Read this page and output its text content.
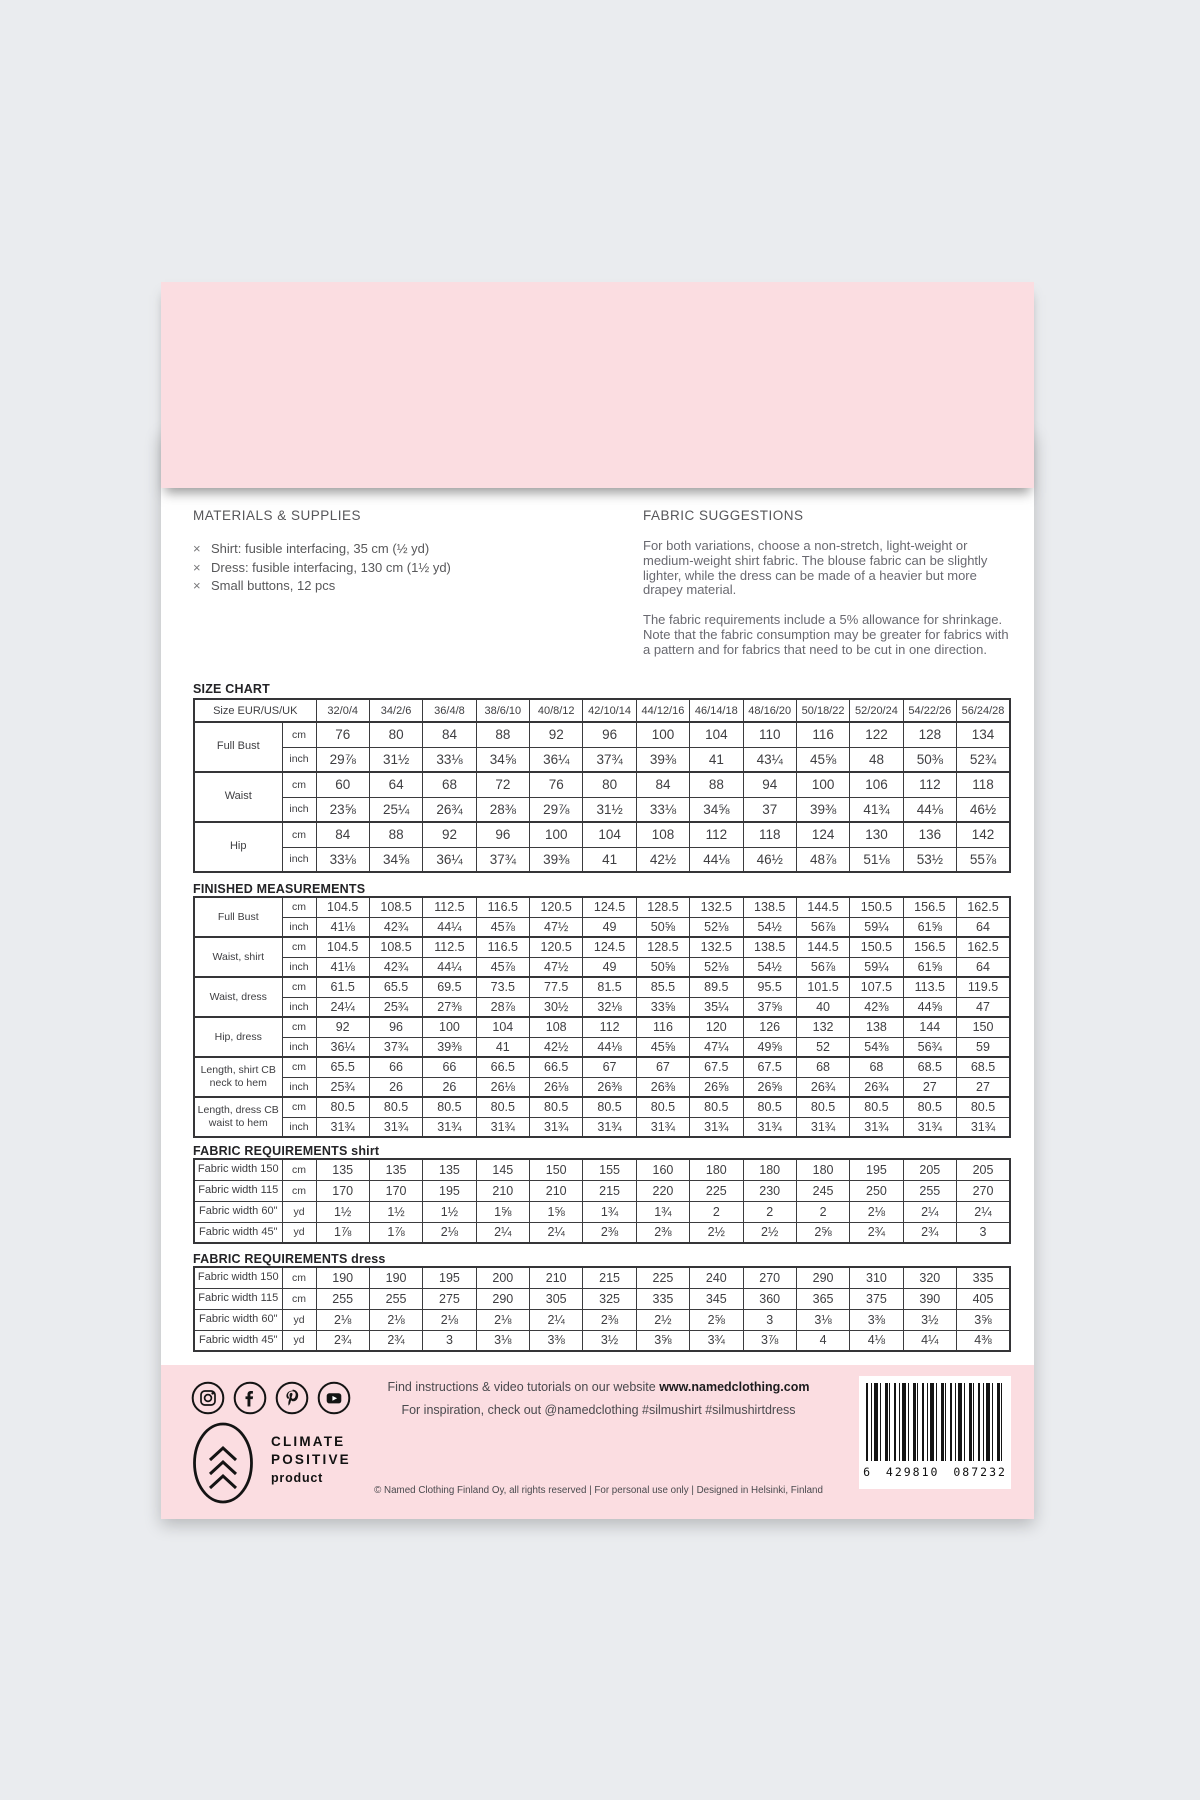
MATERIALS & SUPPLIES
× Shirt: fusible interfacing, 35 cm (½ yd)
× Dress: fusible interfacing, 130 cm (1½ yd)
× Small buttons, 12 pcs
FABRIC SUGGESTIONS

For both variations, choose a non-stretch, light-weight or medium-weight shirt fabric. The blouse fabric can be slightly lighter, while the dress can be made of a heavier but more drapey material.

The fabric requirements include a 5% allowance for shrinkage. Note that the fabric consumption may be greater for fabrics with a pattern and for fabrics that need to be cut in one direction.

SIZE CHART
Size EUR/US/UK		32/0/4	34/2/6	36/4/8	38/6/10	40/8/12	42/10/14	44/12/16	46/14/18	48/16/20	50/18/22	52/20/24	54/22/26	56/24/28
Full Bust	cm	76	80	84	88	92	96	100	104	110	116	122	128	134
	inch	29⅞	31½	33⅛	34⅝	36¼	37¾	39⅜	41	43¼	45⅝	48	50⅜	52¾
Waist	cm	60	64	68	72	76	80	84	88	94	100	106	112	118
	inch	23⅝	25¼	26¾	28⅜	29⅞	31½	33⅛	34⅝	37	39⅜	41¾	44⅛	46½
Hip	cm	84	88	92	96	100	104	108	112	118	124	130	136	142
	inch	33⅛	34⅝	36¼	37¾	39⅜	41	42½	44⅛	46½	48⅞	51⅛	53½	55⅞
FINISHED MEASUREMENTS
Full Bust	cm	104.5	108.5	112.5	116.5	120.5	124.5	128.5	132.5	138.5	144.5	150.5	156.5	162.5
	inch	41⅛	42¾	44¼	45⅞	47½	49	50⅝	52⅛	54½	56⅞	59¼	61⅝	64
Waist, shirt	cm	104.5	108.5	112.5	116.5	120.5	124.5	128.5	132.5	138.5	144.5	150.5	156.5	162.5
	inch	41⅛	42¾	44¼	45⅞	47½	49	50⅝	52⅛	54½	56⅞	59¼	61⅝	64
Waist, dress	cm	61.5	65.5	69.5	73.5	77.5	81.5	85.5	89.5	95.5	101.5	107.5	113.5	119.5
	inch	24¼	25¾	27⅜	28⅞	30½	32⅛	33⅝	35¼	37⅝	40	42⅜	44⅝	47
Hip, dress	cm	92	96	100	104	108	112	116	120	126	132	138	144	150
	inch	36¼	37¾	39⅜	41	42½	44⅛	45⅝	47¼	49⅝	52	54⅜	56¾	59
Length, shirt CB neck to hem	cm	65.5	66	66	66.5	66.5	67	67	67.5	67.5	68	68	68.5	68.5
	inch	25¾	26	26	26⅛	26⅛	26⅜	26⅜	26⅝	26⅝	26¾	26¾	27	27
Length, dress CB waist to hem	cm	80.5	80.5	80.5	80.5	80.5	80.5	80.5	80.5	80.5	80.5	80.5	80.5	80.5
	inch	31¾	31¾	31¾	31¾	31¾	31¾	31¾	31¾	31¾	31¾	31¾	31¾	31¾
FABRIC REQUIREMENTS shirt
Fabric width 150	cm	135	135	135	145	150	155	160	180	180	180	195	205	205
Fabric width 115	cm	170	170	195	210	210	215	220	225	230	245	250	255	270
Fabric width 60"	yd	1½	1½	1½	1⅝	1⅝	1¾	1¾	2	2	2	2⅛	2¼	2¼
Fabric width 45"	yd	1⅞	1⅞	2⅛	2¼	2¼	2⅜	2⅜	2½	2½	2⅝	2¾	2¾	3
FABRIC REQUIREMENTS dress
Fabric width 150	cm	190	190	195	200	210	215	225	240	270	290	310	320	335
Fabric width 115	cm	255	255	275	290	305	325	335	345	360	365	375	390	405
Fabric width 60"	yd	2⅛	2⅛	2⅛	2⅛	2¼	2⅜	2½	2⅝	3	3⅛	3⅜	3½	3⅝
Fabric width 45"	yd	2¾	2¾	3	3⅛	3⅜	3½	3⅝	3¾	3⅞	4	4⅛	4¼	4⅜
CLIMATE
POSITIVE
product
Find instructions & video tutorials on our website www.namedclothing.com
For inspiration, check out @namedclothing #silmushirt #silmushirtdress
© Named Clothing Finland Oy, all rights reserved | For personal use only | Designed in Helsinki, Finland
6 429810 087232
